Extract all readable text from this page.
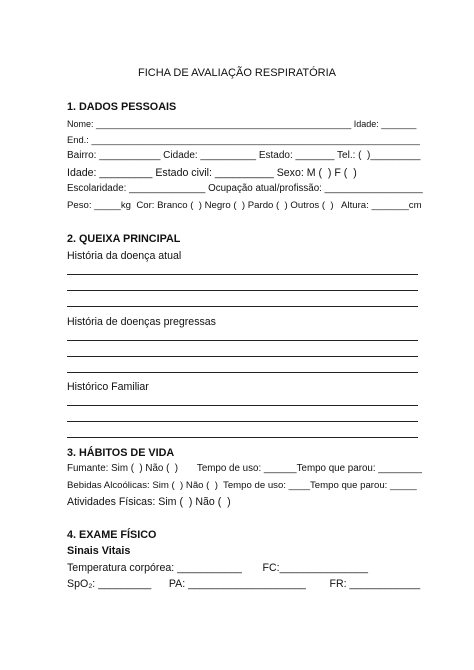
FICHA DE AVALIAÇÃO RESPIRATÓRIA
1. DADOS PESSOAIS
Nome: ___________________________________________________ Idade: _______
End.: _______________________________________________________________
Bairro: ___________ Cidade: __________ Estado: _______ Tel.: (  )_________
Idade: _________ Estado civil: __________ Sexo: M (  ) F (  )
Escolaridade: ______________ Ocupação atual/profissão: __________________
Peso: _____kg  Cor: Branco (  ) Negro (  ) Pardo (  ) Outros (  )   Altura: _______cm
2. QUEIXA PRINCIPAL
História da doença atual
História de doenças pregressas
Histórico Familiar
3. HÁBITOS DE VIDA
Fumante: Sim (  ) Não (  )       Tempo de uso: ______Tempo que parou: ________
Bebidas Alcoólicas: Sim (  ) Não (  )  Tempo de uso: ____Tempo que parou: _____
Atividades Físicas: Sim (  ) Não (  )
4. EXAME FÍSICO
Sinais Vitais
Temperatura corpórea: ___________       FC:_______________
SpO₂: _________      PA: ____________________        FR: ____________
